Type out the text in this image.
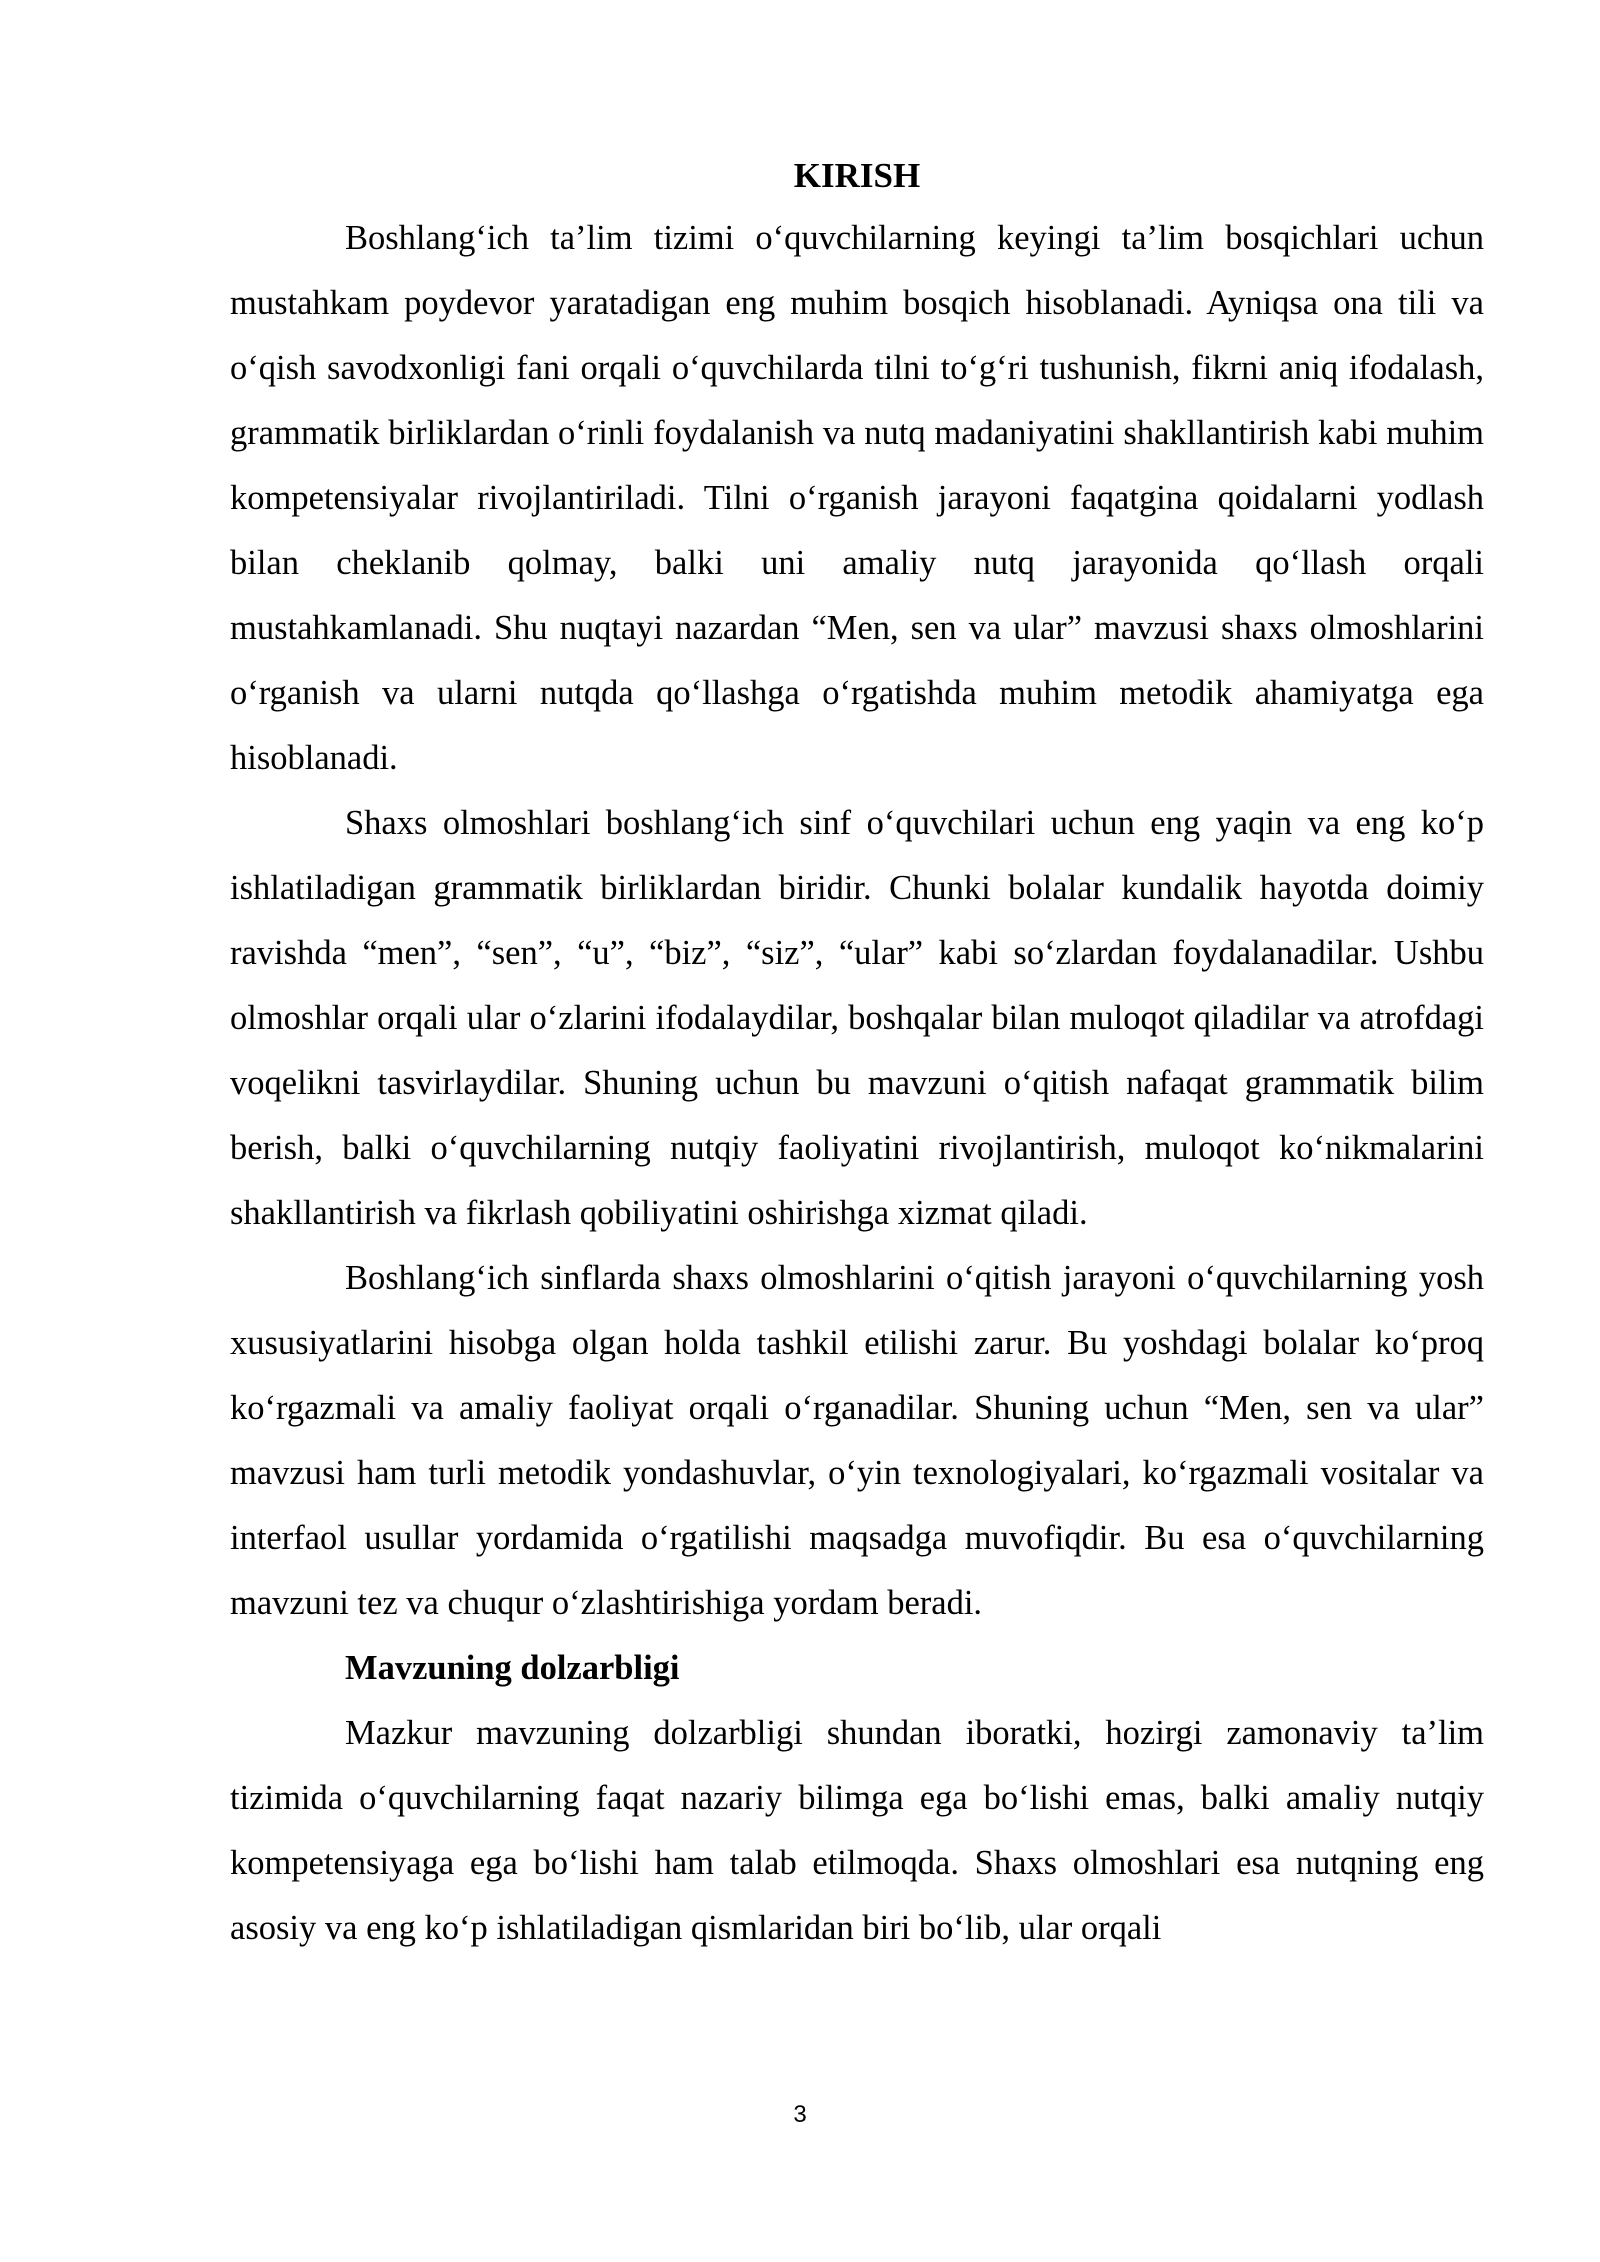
KIRISH

Boshlang‘ich ta’lim tizimi o‘quvchilarning keyingi ta’lim bosqichlari uchun mustahkam poydevor yaratadigan eng muhim bosqich hisoblanadi. Ayniqsa ona tili va o‘qish savodxonligi fani orqali o‘quvchilarda tilni to‘g‘ri tushunish, fikrni aniq ifodalash, grammatik birliklardan o‘rinli foydalanish va nutq madaniyatini shakllantirish kabi muhim kompetensiyalar rivojlantiriladi. Tilni o‘rganish jarayoni faqatgina qoidalarni yodlash bilan cheklanib qolmay, balki uni amaliy nutq jarayonida qo‘llash orqali mustahkamlanadi. Shu nuqtayi nazardan “Men, sen va ular” mavzusi shaxs olmoshlarini o‘rganish va ularni nutqda qo‘llashga o‘rgatishda muhim metodik ahamiyatga ega hisoblanadi.

Shaxs olmoshlari boshlang‘ich sinf o‘quvchilari uchun eng yaqin va eng ko‘p ishlatiladigan grammatik birliklardan biridir. Chunki bolalar kundalik hayotda doimiy ravishda “men”, “sen”, “u”, “biz”, “siz”, “ular” kabi so‘zlardan foydalanadilar. Ushbu olmoshlar orqali ular o‘zlarini ifodalaydilar, boshqalar bilan muloqot qiladilar va atrofdagi voqelikni tasvirlaydilar. Shuning uchun bu mavzuni o‘qitish nafaqat grammatik bilim berish, balki o‘quvchilarning nutqiy faoliyatini rivojlantirish, muloqot ko‘nikmalarini shakllantirish va fikrlash qobiliyatini oshirishga xizmat qiladi.

Boshlang‘ich sinflarda shaxs olmoshlarini o‘qitish jarayoni o‘quvchilarning yosh xususiyatlarini hisobga olgan holda tashkil etilishi zarur. Bu yoshdagi bolalar ko‘proq ko‘rgazmali va amaliy faoliyat orqali o‘rganadilar. Shuning uchun “Men, sen va ular” mavzusi ham turli metodik yondashuvlar, o‘yin texnologiyalari, ko‘rgazmali vositalar va interfaol usullar yordamida o‘rgatilishi maqsadga muvofiqdir. Bu esa o‘quvchilarning mavzuni tez va chuqur o‘zlashtirishiga yordam beradi.

Mavzuning dolzarbligi

Mazkur mavzuning dolzarbligi shundan iboratki, hozirgi zamonaviy ta’lim tizimida o‘quvchilarning faqat nazariy bilimga ega bo‘lishi emas, balki amaliy nutqiy kompetensiyaga ega bo‘lishi ham talab etilmoqda. Shaxs olmoshlari esa nutqning eng asosiy va eng ko‘p ishlatiladigan qismlaridan biri bo‘lib, ular orqali

3
